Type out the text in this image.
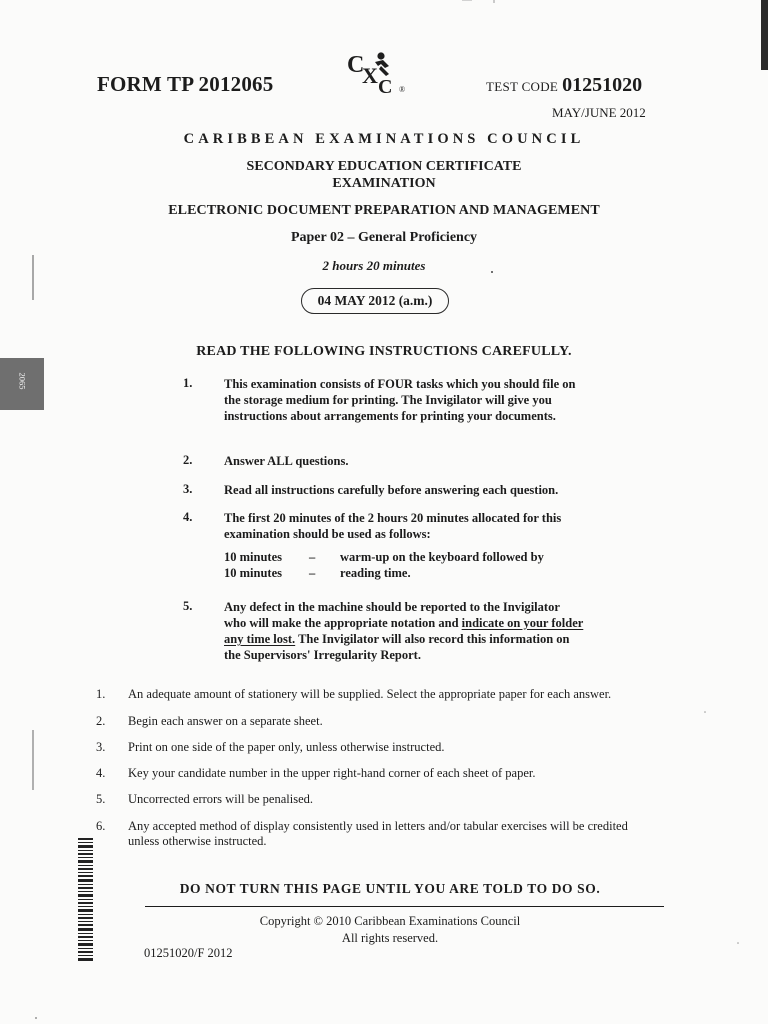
FORM TP 2012065
C
X C ®	TEST CODE 01251020
MAY/JUNE 2012
CARIBBEAN EXAMINATIONS COUNCIL
SECONDARY EDUCATION CERTIFICATE
EXAMINATION
ELECTRONIC DOCUMENT PREPARATION AND MANAGEMENT
Paper 02 – General Proficiency
2 hours 20 minutes
04 MAY 2012 (a.m.)
READ THE FOLLOWING INSTRUCTIONS CAREFULLY.
1.	This examination consists of FOUR tasks which you should file on the storage medium for printing. The Invigilator will give you instructions about arrangements for printing your documents.
2.	Answer ALL questions.
3.	Read all instructions carefully before answering each question.
4.	The first 20 minutes of the 2 hours 20 minutes allocated for this examination should be used as follows:
10 minutes – warm-up on the keyboard followed by
10 minutes – reading time.
5.	Any defect in the machine should be reported to the Invigilator who will make the appropriate notation and indicate on your folder any time lost. The Invigilator will also record this information on the Supervisors' Irregularity Report.
1. An adequate amount of stationery will be supplied. Select the appropriate paper for each answer.
2. Begin each answer on a separate sheet.
3. Print on one side of the paper only, unless otherwise instructed.
4. Key your candidate number in the upper right-hand corner of each sheet of paper.
5. Uncorrected errors will be penalised.
6. Any accepted method of display consistently used in letters and/or tabular exercises will be credited unless otherwise instructed.
DO NOT TURN THIS PAGE UNTIL YOU ARE TOLD TO DO SO.
Copyright © 2010 Caribbean Examinations Council
All rights reserved.
01251020/F 2012
2065
